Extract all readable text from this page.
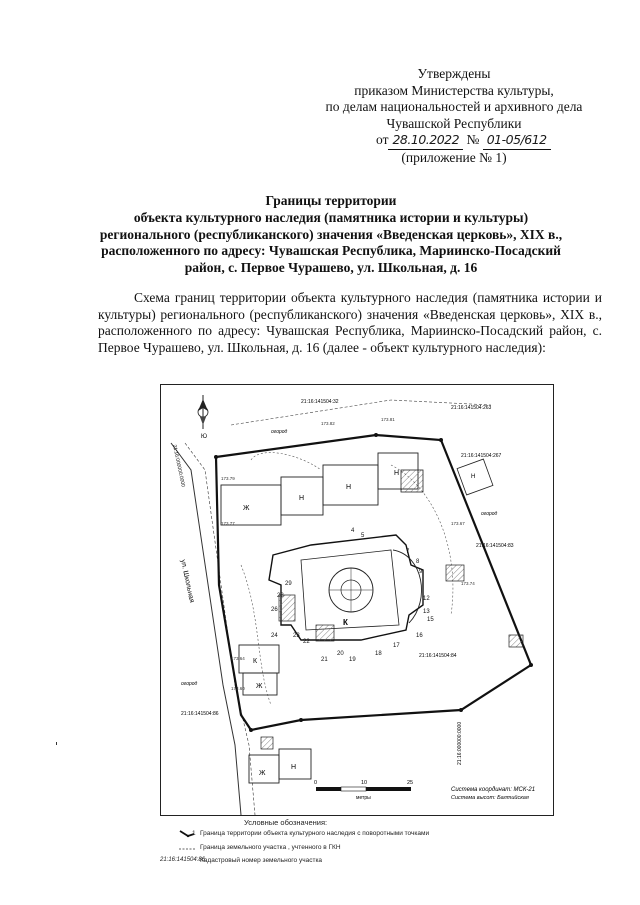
Утверждены
приказом Министерства культуры,
по делам национальностей и архивного дела
Чувашской Республики
от 28.10.2022 № 01-05/612
(приложение № 1)
Границы территории
объекта культурного наследия (памятника истории и культуры)
регионального (республиканского) значения «Введенская церковь», XIX в.,
расположенного по адресу: Чувашская Республика, Мариинско-Посадский
район, с. Первое Чурашево, ул. Школьная, д. 16
Схема границ территории объекта культурного наследия (памятника истории и культуры) регионального (республиканского) значения «Введенская церковь», XIX в., расположенного по адресу: Чувашская Республика, Мариинско-Посадский район, с. Первое Чурашево, ул. Школьная, д. 16 (далее - объект культурного наследия):
Ю
ул. Школьная
21:16:000000:0000
21:16:141504:32
огород
Ж
Н
Н
Н
К
4
5
7
8
9
12
13
15
16
17
18
19
20
21
22
23
24
26
28
29
173.82
173.81
173.79
173.77	173.67
173.74
173.64
173.60
Н
21:16:141504:263
21:16:141504:267
21:16:141504:83
огород
21:16:141504:84
К
Ж
Ж
Н
огород
21:16:141504:86
21:16:000000:0000
0	10	25
метры
Система координат: МСК-21
Система высот: Балтийская
Условные обозначения:
1 Граница территории объекта культурного наследия с поворотными точками
Граница земельного участка , учтенного в ГКН
21:16:141504:86
Кадастровый номер земельного участка
